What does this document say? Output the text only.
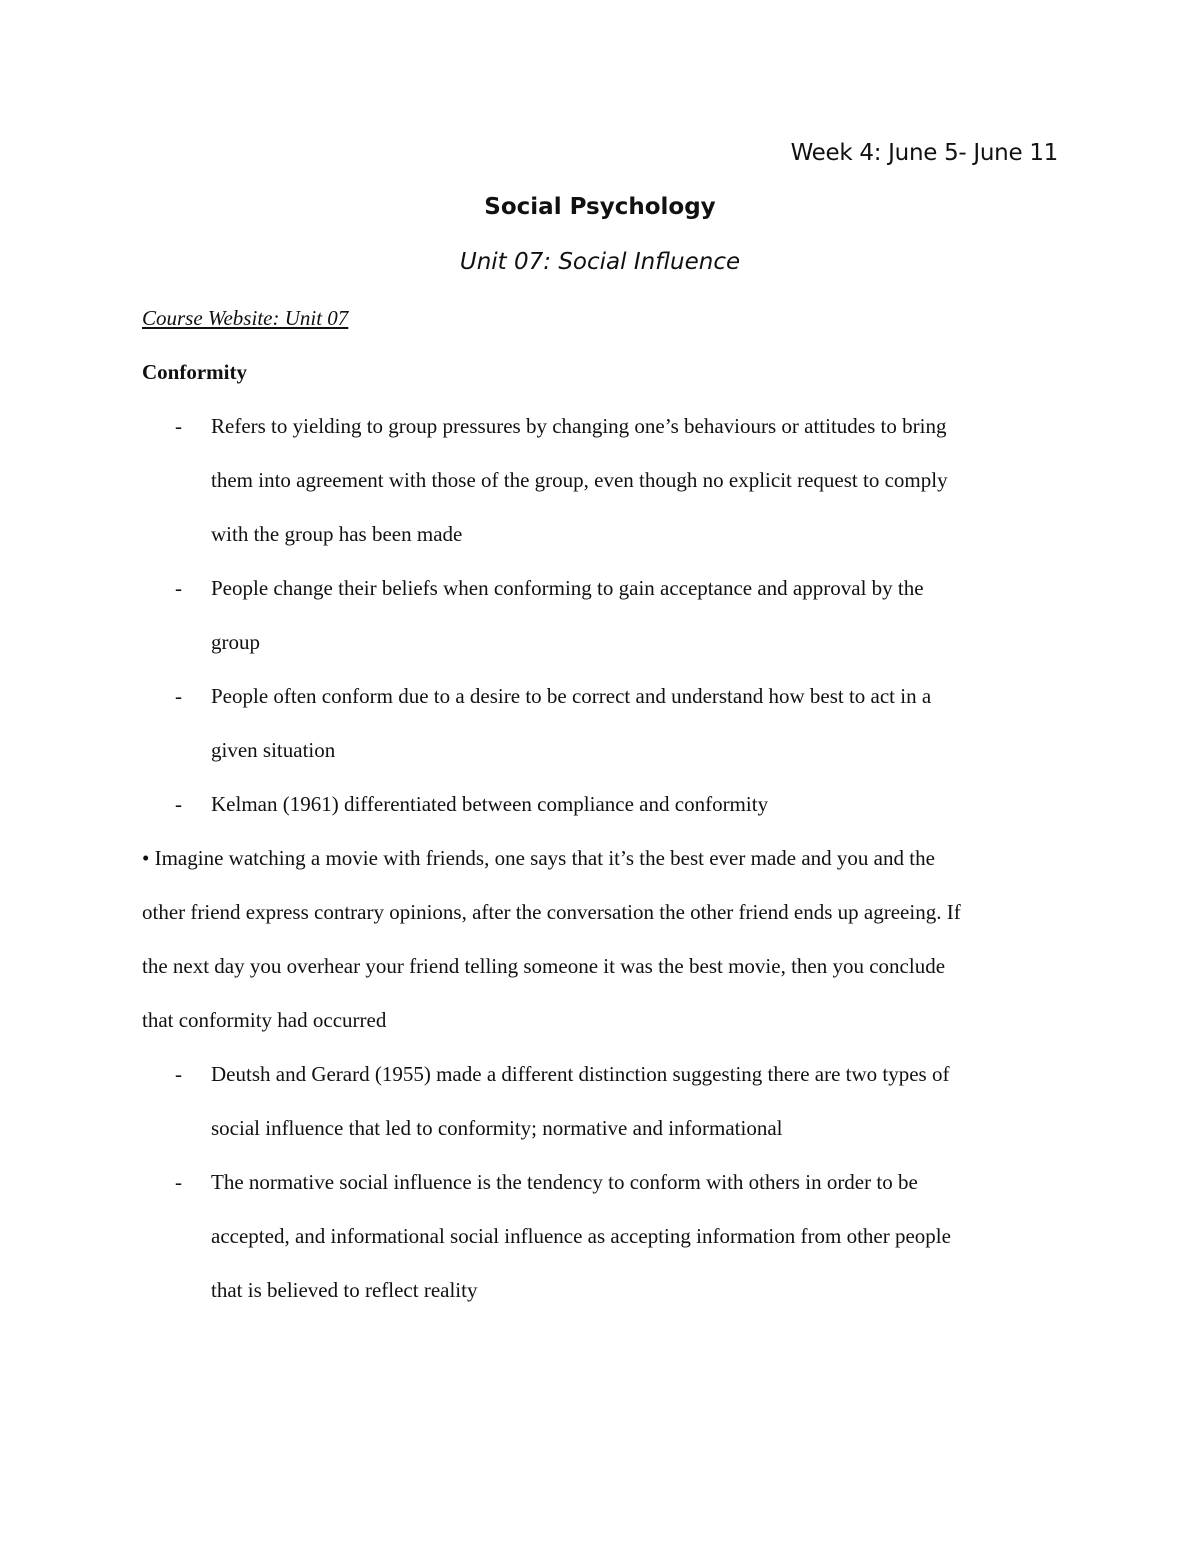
Week 4: June 5- June 11
Social Psychology
Unit 07: Social Influence
Course Website: Unit 07
Conformity
- Refers to yielding to group pressures by changing one’s behaviours or attitudes to bring
them into agreement with those of the group, even though no explicit request to comply
with the group has been made
- People change their beliefs when conforming to gain acceptance and approval by the
group
- People often conform due to a desire to be correct and understand how best to act in a
given situation
- Kelman (1961) differentiated between compliance and conformity
• Imagine watching a movie with friends, one says that it’s the best ever made and you and the
other friend express contrary opinions, after the conversation the other friend ends up agreeing. If
the next day you overhear your friend telling someone it was the best movie, then you conclude
that conformity had occurred
- Deutsh and Gerard (1955) made a different distinction suggesting there are two types of
social influence that led to conformity; normative and informational
- The normative social influence is the tendency to conform with others in order to be
accepted, and informational social influence as accepting information from other people
that is believed to reflect reality
